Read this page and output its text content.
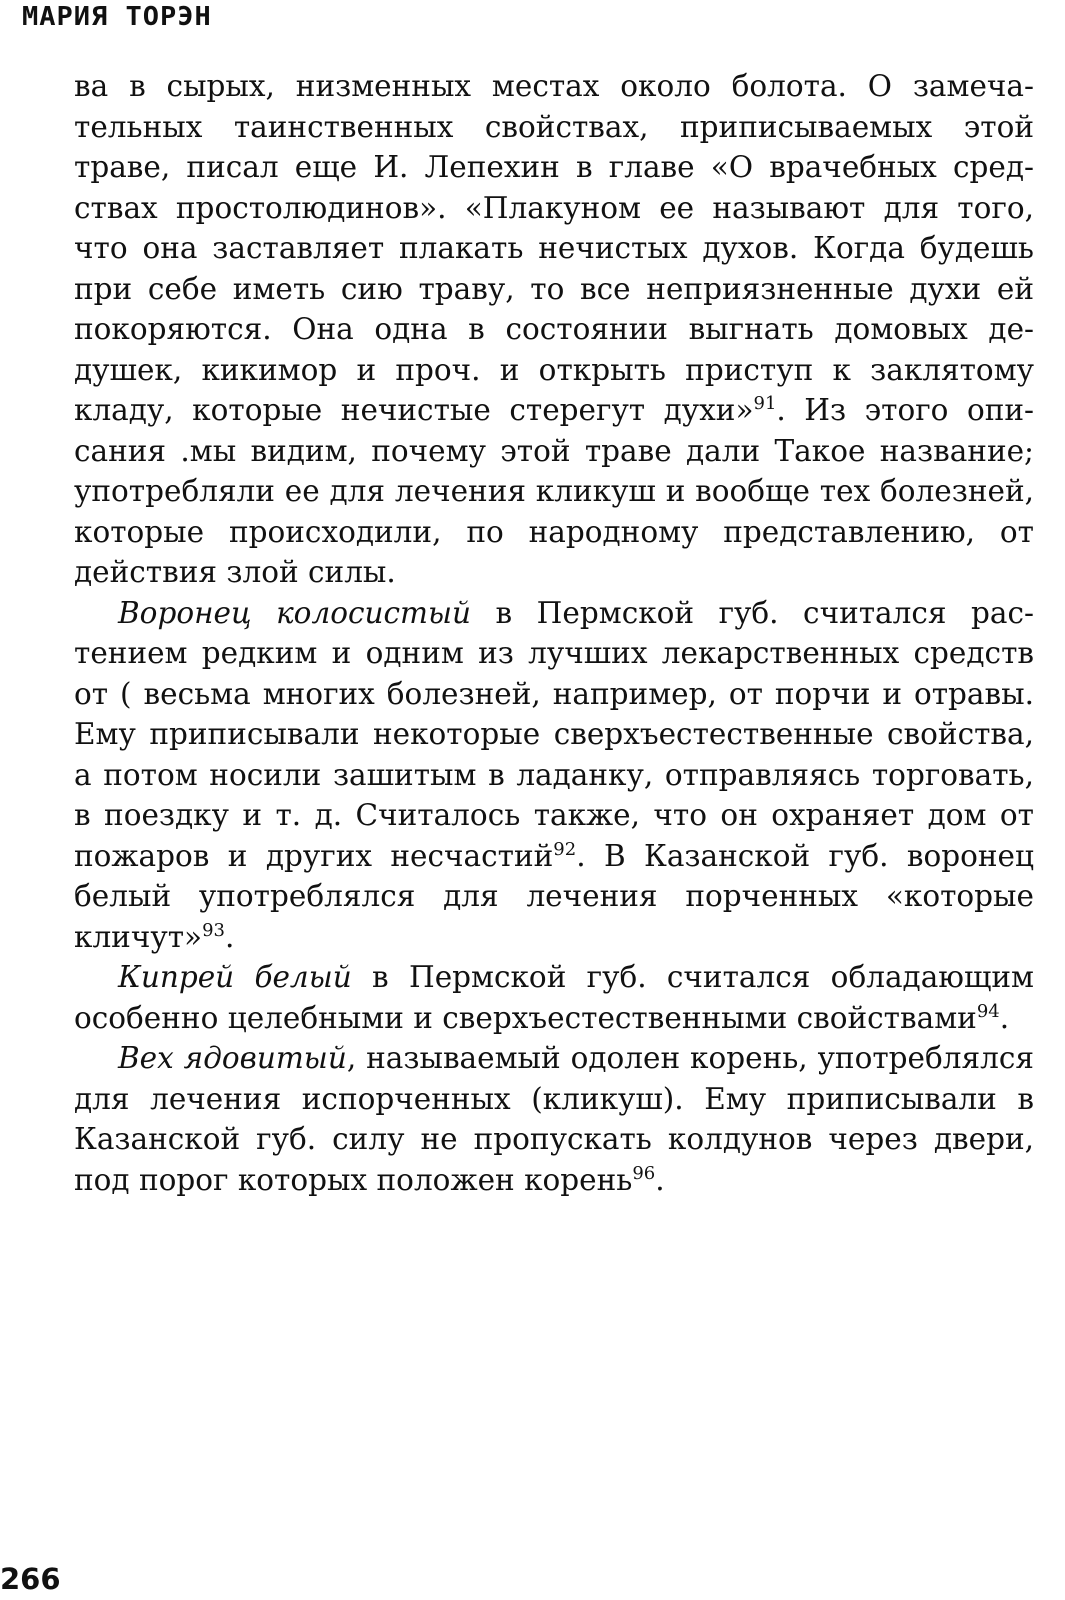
МАРИЯ ТОРЭН

ва в сырых, низменных местах около болота. О замечательных таинственных свойствах, приписываемых этой траве, писал еще И. Лепехин в главе «О врачебных средствах простолюдинов». «Плакуном ее называют для того, что она заставляет плакать нечистых духов. Когда будешь при себе иметь сию траву, то все неприязненные духи ей покоряются. Она одна в состоянии выгнать домовых дедушек, кикимор и проч. и открыть приступ к заклятому кладу, которые нечистые стерегут духи»$^{91}$. Из этого описания .мы видим, почему этой траве дали Такое название; употребляли ее для лечения кликуш и вообще тех болезней, которые происходили, по народному представлению, от действия злой силы.

Воронец колосистый в Пермской губ. считался растением редким и одним из лучших лекарственных средств от ( весьма многих болезней, например, от порчи и отравы. Ему приписывали некоторые сверхъестественные свойства, а потом носили зашитым в ладанку, отправляясь торговать, в поездку и т. д. Считалось также, что он охраняет дом от пожаров и других несчастий$^{92}$. В Казанской губ. воронец белый употреблялся для лечения порченных «которые кличут»$^{93}$.

Кипрей белый в Пермской губ. считался обладающим особенно целебными и сверхъестественными свойствами$^{94}$.

Вех ядовитый, называемый одолен корень, употреблялся для лечения испорченных (кликуш). Ему приписывали в Казанской губ. силу не пропускать колдунов через двери, под порог которых положен корень$^{96}$.

266
